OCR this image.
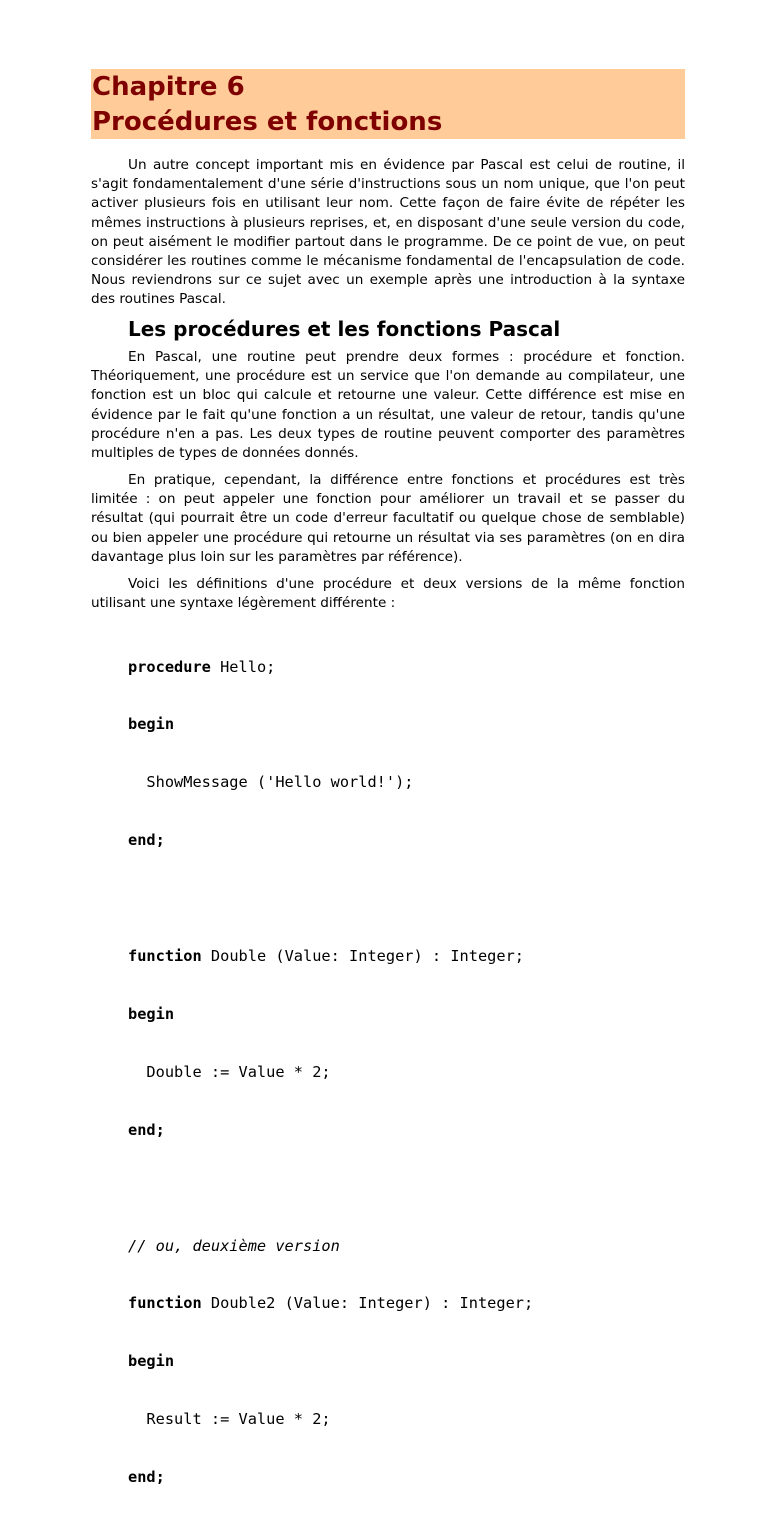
Chapitre 6
Procédures et fonctions

Un autre concept important mis en évidence par Pascal est celui de routine, il s'agit fondamentalement d'une série d'instructions sous un nom unique, que l'on peut activer plusieurs fois en utilisant leur nom. Cette façon de faire évite de répéter les mêmes instructions à plusieurs reprises, et, en disposant d'une seule version du code, on peut aisément le modifier partout dans le programme. De ce point de vue, on peut considérer les routines comme le mécanisme fondamental de l'encapsulation de code. Nous reviendrons sur ce sujet avec un exemple après une introduction à la syntaxe des routines Pascal.

Les procédures et les fonctions Pascal

En Pascal, une routine peut prendre deux formes : procédure et fonction. Théoriquement, une procédure est un service que l'on demande au compilateur, une fonction est un bloc qui calcule et retourne une valeur. Cette différence est mise en évidence par le fait qu'une fonction a un résultat, une valeur de retour, tandis qu'une procédure n'en a pas. Les deux types de routine peuvent comporter des paramètres multiples de types de données donnés.

En pratique, cependant, la différence entre fonctions et procédures est très limitée : on peut appeler une fonction pour améliorer un travail et se passer du résultat (qui pourrait être un code d'erreur facultatif ou quelque chose de semblable) ou bien appeler une procédure qui retourne un résultat via ses paramètres (on en dira davantage plus loin sur les paramètres par référence).

Voici les définitions d'une procédure et deux versions de la même fonction utilisant une syntaxe légèrement différente :

procedure Hello;

begin

ShowMessage ('Hello world!');

end;

function Double (Value: Integer) : Integer;

begin

Double := Value * 2;

end;

// ou, deuxième version

function Double2 (Value: Integer) : Integer;

begin

Result := Value * 2;

end;
